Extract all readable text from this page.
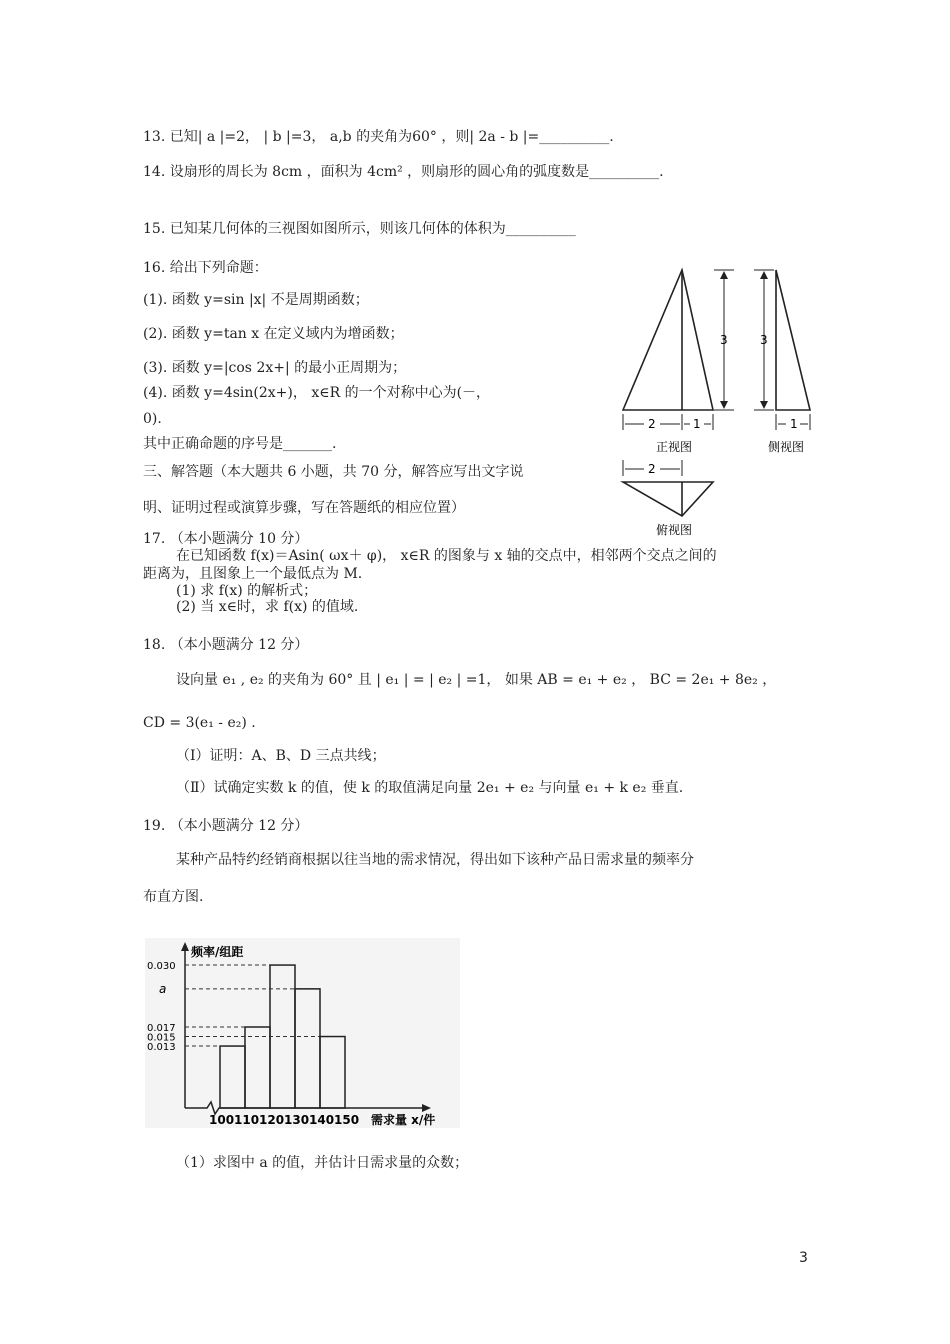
13. 已知| a |=2， | b |=3， a,b 的夹角为60° ，则| 2a - b |=__________.
14. 设扇形的周长为 8cm ，面积为 4cm² ，则扇形的圆心角的弧度数是__________.
15. 已知某几何体的三视图如图所示，则该几何体的体积为__________
16. 给出下列命题：
(1). 函数 y=sin |x| 不是周期函数；
(2). 函数 y=tan x 在定义域内为增函数；
(3). 函数 y=|cos 2x+| 的最小正周期为；
(4). 函数 y=4sin(2x+)， x∈R 的一个对称中心为(－，
0).
其中正确命题的序号是_______.
三、解答题（本大题共 6 小题，共 70 分，解答应写出文字说
明、证明过程或演算步骤，写在答题纸的相应位置）
17. （本小题满分 10 分）
在已知函数 f(x)＝Asin( ωx＋ φ)， x∈R 的图象与 x 轴的交点中，相邻两个交点之间的
距离为，且图象上一个最低点为 M.
(1) 求 f(x) 的解析式；
(2) 当 x∈时，求 f(x) 的值域.
18. （本小题满分 12 分）
设向量 e₁ , e₂ 的夹角为 60° 且 | e₁ | = | e₂ | =1， 如果 AB = e₁ + e₂ ， BC = 2e₁ + 8e₂ ，
CD = 3(e₁ - e₂) .
（Ⅰ）证明：A、B、D 三点共线；
（Ⅱ）试确定实数 k 的值，使 k 的取值满足向量 2e₁ + e₂ 与向量 e₁ + k e₂ 垂直.
19. （本小题满分 12 分）
某种产品特约经销商根据以往当地的需求情况，得出如下该种产品日需求量的频率分
布直方图.
（1）求图中 a 的值，并估计日需求量的众数；
3	3
2	1	1
2
正视图	侧视图
俯视图
0.030
a
0.017
0.015
0.013
100 110 120 130 140 150
频率/组距
需求量 x/件
3
